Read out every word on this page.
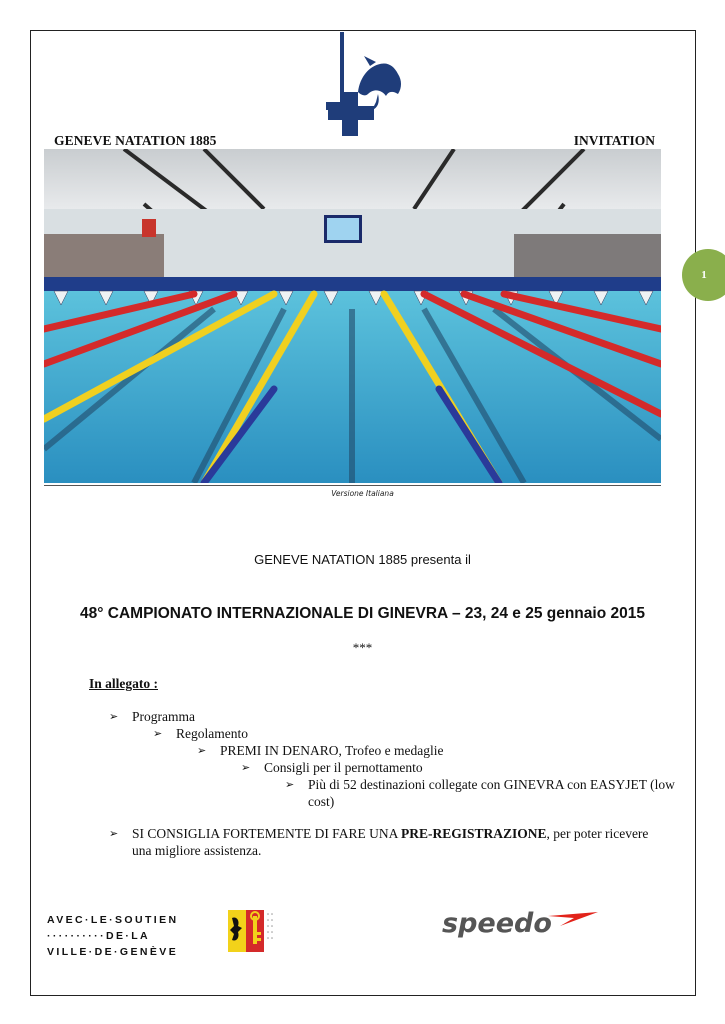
GENEVE NATATION 1885	INVITATION
Versione Italiana
1
GENEVE NATATION 1885 presenta il
48° CAMPIONATO INTERNAZIONALE DI GINEVRA – 23, 24 e 25 gennaio 2015
***
In allegato :
➢	Programma
➢	Regolamento
➢	PREMI IN DENARO, Trofeo e medaglie
➢	Consigli per il pernottamento
➢	Più di 52 destinazioni collegate con GINEVRA con EASYJET (low cost)
➢	SI CONSIGLIA FORTEMENTE DI FARE UNA PRE-REGISTRAZIONE, per poter ricevere una migliore assistenza.
AVEC·LE·SOUTIEN
··········DE·LA
VILLE·DE·GENÈVE
speedo
